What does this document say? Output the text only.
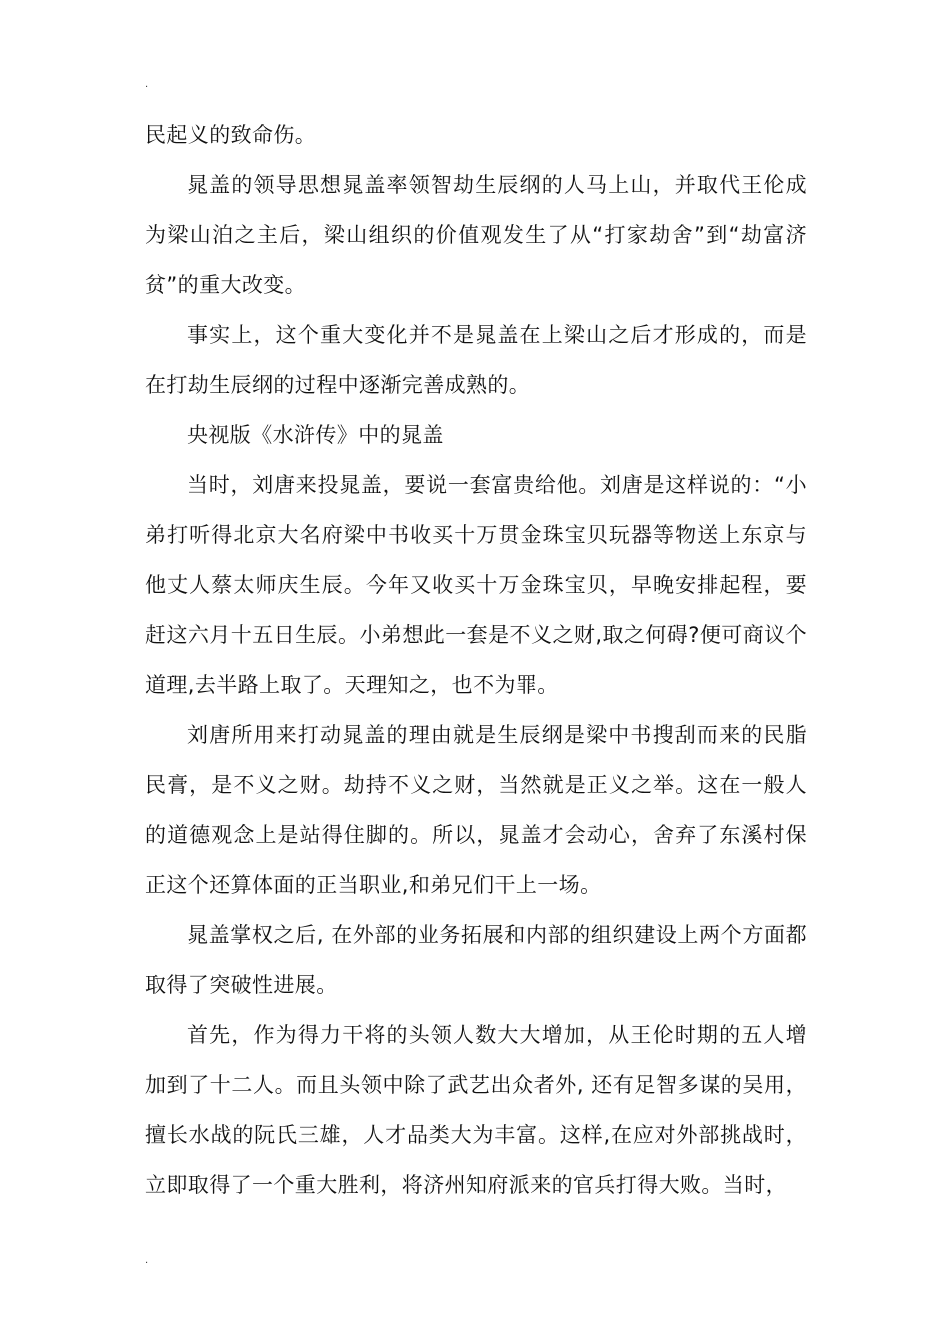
.

民起义的致命伤。

晁盖的领导思想晁盖率领智劫生辰纲的人马上山，并取代王伦成为梁山泊之主后，梁山组织的价值观发生了从“打家劫舍”到“劫富济贫”的重大改变。

事实上，这个重大变化并不是晁盖在上梁山之后才形成的，而是在打劫生辰纲的过程中逐渐完善成熟的。

央视版《水浒传》中的晁盖

当时，刘唐来投晁盖，要说一套富贵给他。刘唐是这样说的：“小弟打听得北京大名府梁中书收买十万贯金珠宝贝玩器等物送上东京与他丈人蔡太师庆生辰。今年又收买十万金珠宝贝，早晚安排起程，要赶这六月十五日生辰。小弟想此一套是不义之财,取之何碍?便可商议个道理,去半路上取了。天理知之，也不为罪。

刘唐所用来打动晁盖的理由就是生辰纲是梁中书搜刮而来的民脂民膏，是不义之财。劫持不义之财，当然就是正义之举。这在一般人的道德观念上是站得住脚的。所以，晁盖才会动心，舍弃了东溪村保正这个还算体面的正当职业,和弟兄们干上一场。

晁盖掌权之后, 在外部的业务拓展和内部的组织建设上两个方面都取得了突破性进展。

首先，作为得力干将的头领人数大大增加，从王伦时期的五人增加到了十二人。而且头领中除了武艺出众者外, 还有足智多谋的吴用，擅长水战的阮氏三雄，人才品类大为丰富。这样,在应对外部挑战时，立即取得了一个重大胜利，将济州知府派来的官兵打得大败。当时，

.
